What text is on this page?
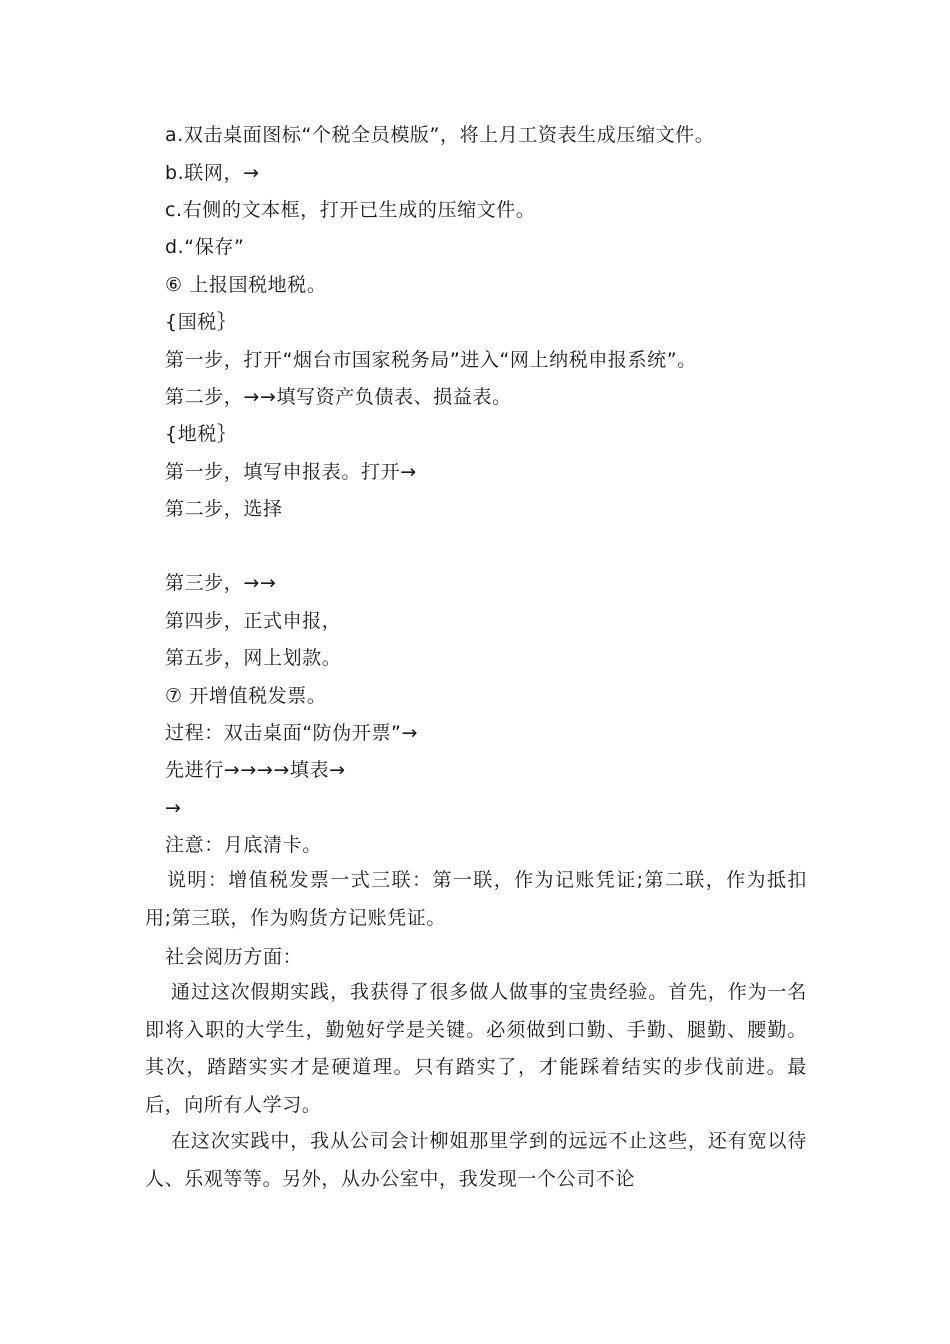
a.双击桌面图标“个税全员模版”，将上月工资表生成压缩文件。
b.联网，→
c.右侧的文本框，打开已生成的压缩文件。
d.“保存”
⑥ 上报国税地税。
{国税｝
第一步，打开“烟台市国家税务局”进入“网上纳税申报系统”。
第二步，→→填写资产负债表、损益表。
{地税｝
第一步，填写申报表。打开→
第二步，选择
第三步，→→
第四步，正式申报，
第五步，网上划款。
⑦ 开增值税发票。
过程：双击桌面“防伪开票”→
先进行→→→→填表→
→
注意：月底清卡。
说明：增值税发票一式三联：第一联，作为记账凭证;第二联，作为抵扣用;第三联，作为购货方记账凭证。
社会阅历方面：
通过这次假期实践，我获得了很多做人做事的宝贵经验。首先，作为一名即将入职的大学生，勤勉好学是关键。必须做到口勤、手勤、腿勤、腰勤。其次，踏踏实实才是硬道理。只有踏实了，才能踩着结实的步伐前进。最后，向所有人学习。
在这次实践中，我从公司会计柳姐那里学到的远远不止这些，还有宽以待人、乐观等等。另外，从办公室中，我发现一个公司不论
